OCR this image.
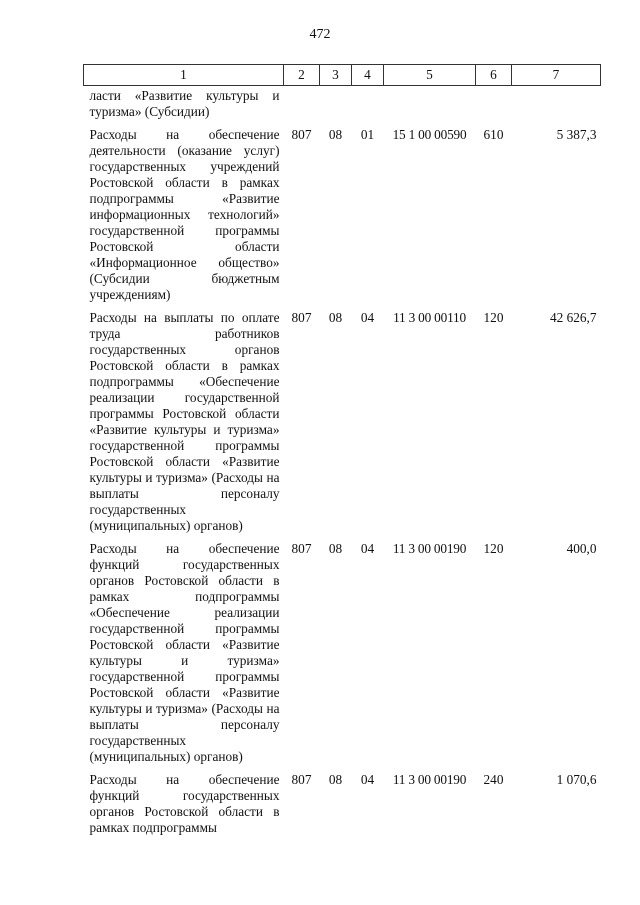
472
1	2	3	4	5	6	7
ласти «Развитие культуры и туризма» (Субсидии)						

Расходы на обеспечение деятельности (оказание услуг) государственных учреждений Ростовской области в рамках подпрограммы «Развитие информационных технологий» государственной программы Ростовской области «Информационное общество» (Субсидии бюджетным учреждениям)	807	08	01	15 1 00 00590	610	5 387,3

Расходы на выплаты по оплате труда работников государственных органов Ростовской области в рамках подпрограммы «Обеспечение реализации государственной программы Ростовской области «Развитие культуры и туризма» государственной программы Ростовской области «Развитие культуры и туризма» (Расходы на выплаты персоналу государственных (муниципальных) органов)	807	08	04	11 3 00 00110	120	42 626,7

Расходы на обеспечение функций государственных органов Ростовской области в рамках подпрограммы «Обеспечение реализации государственной программы Ростовской области «Развитие культуры и туризма» государственной программы Ростовской области «Развитие культуры и туризма» (Расходы на выплаты персоналу государственных (муниципальных) органов)	807	08	04	11 3 00 00190	120	400,0

Расходы на обеспечение функций государственных органов Ростовской области в рамках подпрограммы	807	08	04	11 3 00 00190	240	1 070,6
